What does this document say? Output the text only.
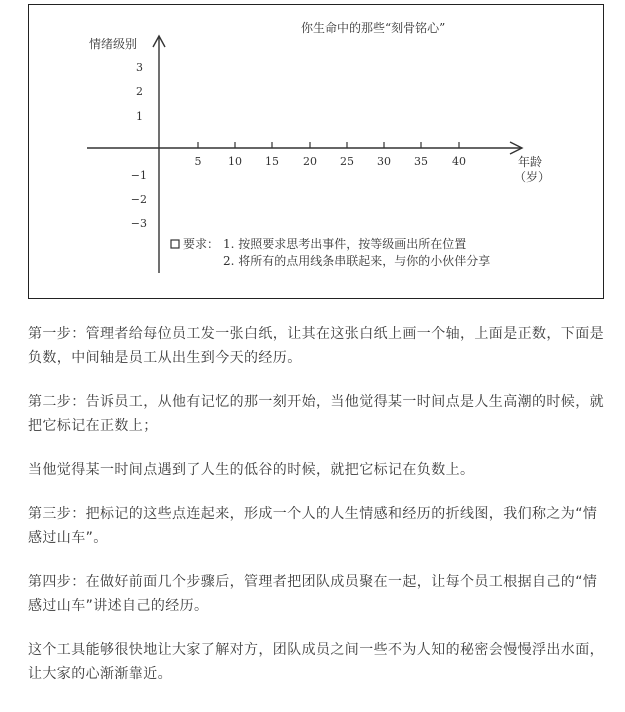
你生命中的那些“刻骨铭心”
情绪级别
年龄
（岁）
5 10 15 20 25 30 35 40
3
2
1
−1
−2
−3
要求： 1. 按照要求思考出事件，按等级画出所在位置
2. 将所有的点用线条串联起来，与你的小伙伴分享

第一步：管理者给每位员工发一张白纸，让其在这张白纸上画一个轴，上面是正数，下面是负数，中间轴是员工从出生到今天的经历。

第二步：告诉员工，从他有记忆的那一刻开始，当他觉得某一时间点是人生高潮的时候，就把它标记在正数上；

当他觉得某一时间点遇到了人生的低谷的时候，就把它标记在负数上。

第三步：把标记的这些点连起来，形成一个人的人生情感和经历的折线图，我们称之为“情感过山车”。

第四步：在做好前面几个步骤后，管理者把团队成员聚在一起，让每个员工根据自己的“情感过山车”讲述自己的经历。

这个工具能够很快地让大家了解对方，团队成员之间一些不为人知的秘密会慢慢浮出水面，让大家的心渐渐靠近。
